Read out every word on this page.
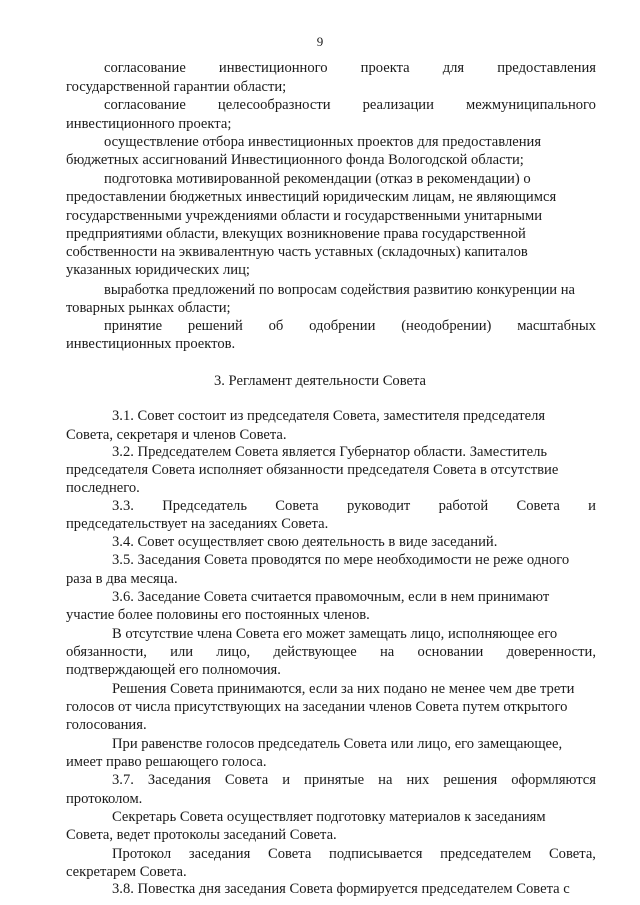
9
согласование инвестиционного проекта для предоставления
государственной гарантии области;
согласование целесообразности реализации межмуниципального
инвестиционного проекта;
осуществление отбора инвестиционных проектов для предоставления
бюджетных ассигнований Инвестиционного фонда Вологодской области;
подготовка мотивированной рекомендации (отказ в рекомендации) о
предоставлении бюджетных инвестиций юридическим лицам, не являющимся
государственными учреждениями области и государственными унитарными
предприятиями области, влекущих возникновение права государственной
собственности на эквивалентную часть уставных (складочных) капиталов
указанных юридических лиц;
выработка предложений по вопросам содействия развитию конкуренции на
товарных рынках области;
принятие решений об одобрении (неодобрении) масштабных
инвестиционных проектов.
3. Регламент деятельности Совета
3.1. Совет состоит из председателя Совета, заместителя председателя
Совета, секретаря и членов Совета.
3.2. Председателем Совета является Губернатор области. Заместитель
председателя Совета исполняет обязанности председателя Совета в отсутствие
последнего.
3.3. Председатель Совета руководит работой Совета и
председательствует на заседаниях Совета.
3.4. Совет осуществляет свою деятельность в виде заседаний.
3.5. Заседания Совета проводятся по мере необходимости не реже одного
раза в два месяца.
3.6. Заседание Совета считается правомочным, если в нем принимают
участие более половины его постоянных членов.
В отсутствие члена Совета его может замещать лицо, исполняющее его
обязанности, или лицо, действующее на основании доверенности,
подтверждающей его полномочия.
Решения Совета принимаются, если за них подано не менее чем две трети
голосов от числа присутствующих на заседании членов Совета путем открытого
голосования.
При равенстве голосов председатель Совета или лицо, его замещающее,
имеет право решающего голоса.
3.7. Заседания Совета и принятые на них решения оформляются
протоколом.
Секретарь Совета осуществляет подготовку материалов к заседаниям
Совета, ведет протоколы заседаний Совета.
Протокол заседания Совета подписывается председателем Совета,
секретарем Совета.
3.8. Повестка дня заседания Совета формируется председателем Совета с
